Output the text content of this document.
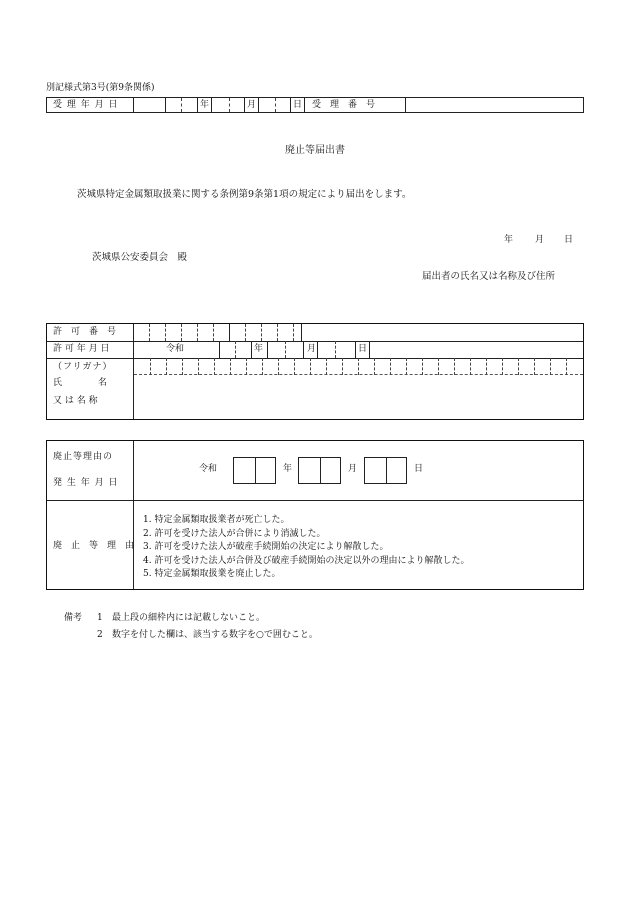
別記様式第3号(第9条関係)
受 理 年 月 日	年	月	日 受　理　番　号
廃止等届出書
茨城県特定金属類取扱業に関する条例第9条第1項の規定により届出をします。
年 月 日
茨城県公安委員会　殿
届出者の氏名又は名称及び住所
許　可　番　号
許 可 年 月 日	令和	年	月	日
（フリガナ）
氏　　　　名
又 は 名 称
廃止等理由の
発 生 年 月 日
令和	年	月	日
廃　止　等　理　由
1. 特定金属類取扱業者が死亡した。
2. 許可を受けた法人が合併により消滅した。
3. 許可を受けた法人が破産手続開始の決定により解散した。
4. 許可を受けた法人が合併及び破産手続開始の決定以外の理由により解散した。
5. 特定金属類取扱業を廃止した。
備考 1 最上段の細枠内には記載しないこと。
2 数字を付した欄は、該当する数字を○で囲むこと。
